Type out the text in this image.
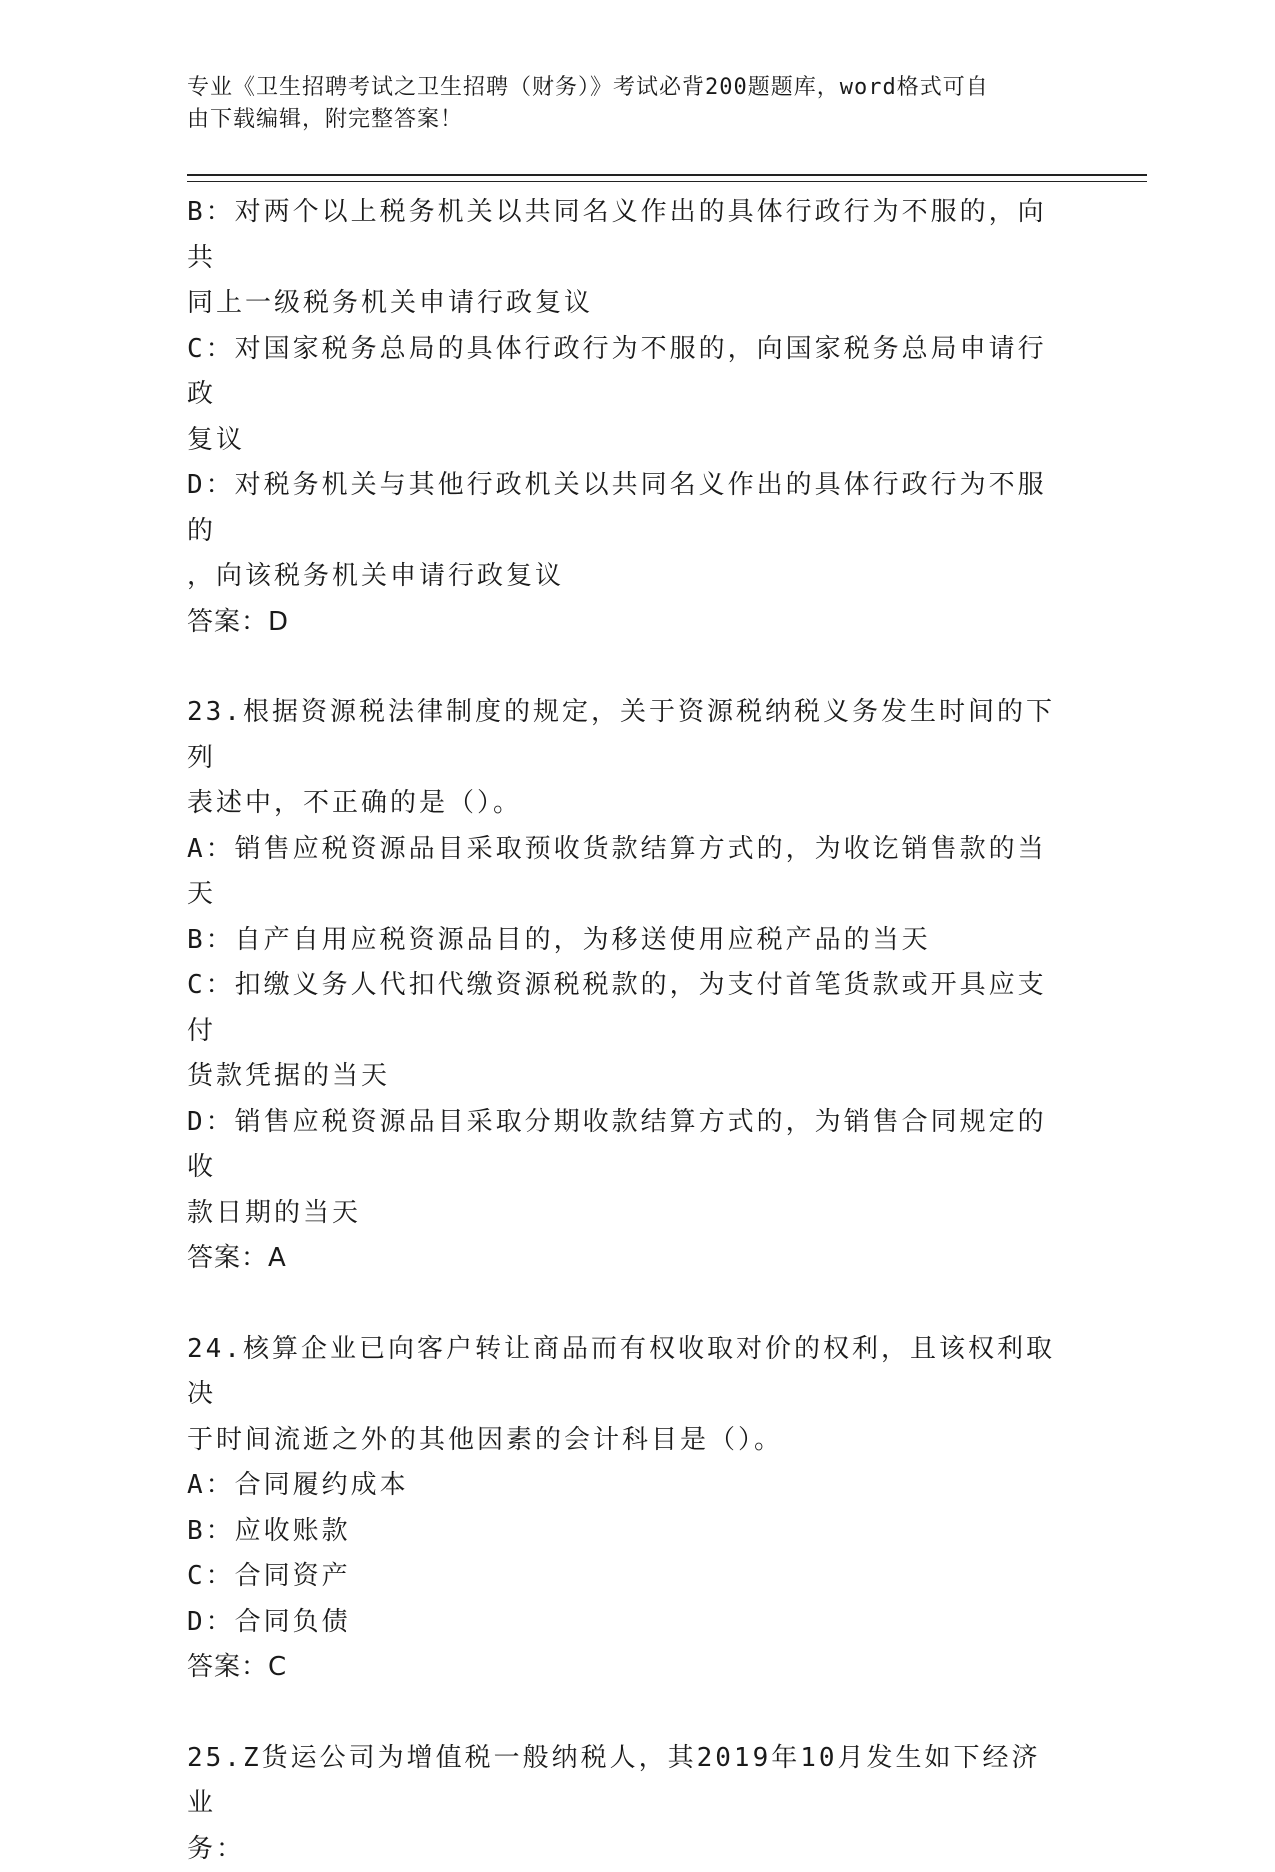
专业《卫生招聘考试之卫生招聘（财务）》考试必背200题题库，word格式可自
由下载编辑，附完整答案！
B：对两个以上税务机关以共同名义作出的具体行政行为不服的，向共
同上一级税务机关申请行政复议
C：对国家税务总局的具体行政行为不服的，向国家税务总局申请行政
复议
D：对税务机关与其他行政机关以共同名义作出的具体行政行为不服的
，向该税务机关申请行政复议
答案：D
23.根据资源税法律制度的规定，关于资源税纳税义务发生时间的下列
表述中，不正确的是（）。
A：销售应税资源品目采取预收货款结算方式的，为收讫销售款的当天
B：自产自用应税资源品目的，为移送使用应税产品的当天
C：扣缴义务人代扣代缴资源税税款的，为支付首笔货款或开具应支付
货款凭据的当天
D：销售应税资源品目采取分期收款结算方式的，为销售合同规定的收
款日期的当天
答案：A
24.核算企业已向客户转让商品而有权收取对价的权利，且该权利取决
于时间流逝之外的其他因素的会计科目是（）。
A：合同履约成本
B：应收账款
C：合同资产
D：合同负债
答案：C
25.Z货运公司为增值税一般纳税人，其2019年10月发生如下经济业
务：
